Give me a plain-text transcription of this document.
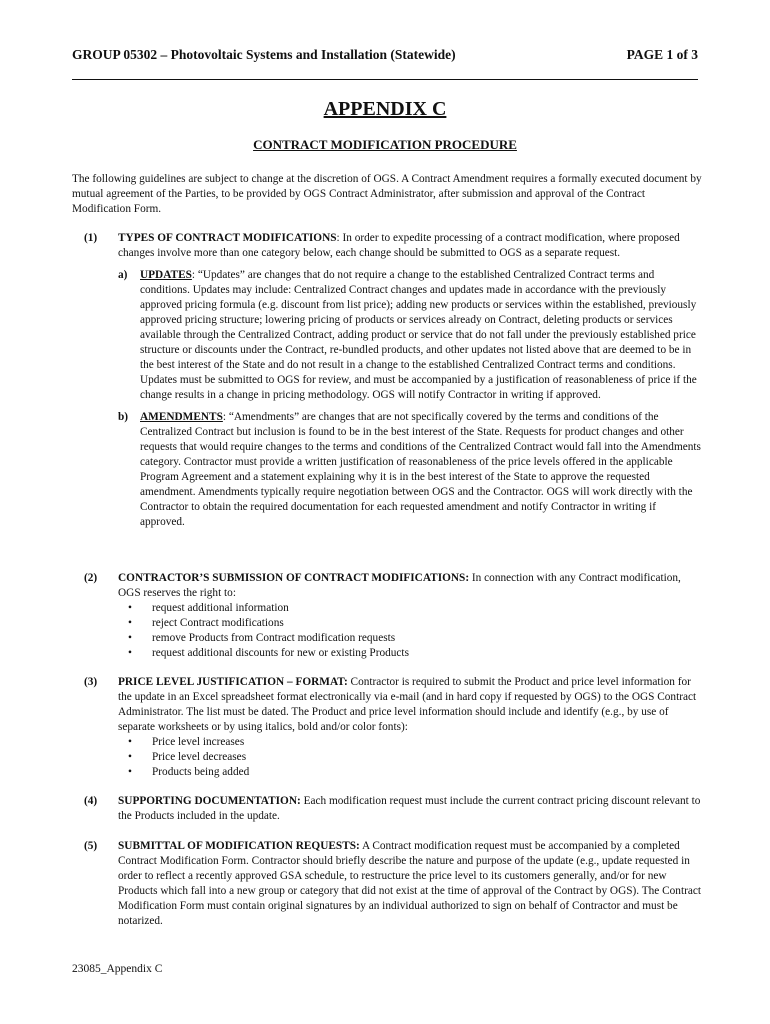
GROUP 05302 – Photovoltaic Systems and Installation (Statewide)	PAGE 1 of 3
APPENDIX C
CONTRACT MODIFICATION PROCEDURE
The following guidelines are subject to change at the discretion of OGS. A Contract Amendment requires a formally executed document by mutual agreement of the Parties, to be provided by OGS Contract Administrator, after submission and approval of the Contract Modification Form.
(1) TYPES OF CONTRACT MODIFICATIONS: In order to expedite processing of a contract modification, where proposed changes involve more than one category below, each change should be submitted to OGS as a separate request.
a) UPDATES: “Updates” are changes that do not require a change to the established Centralized Contract terms and conditions. Updates may include: Centralized Contract changes and updates made in accordance with the previously approved pricing formula (e.g. discount from list price); adding new products or services within the established, previously approved pricing structure; lowering pricing of products or services already on Contract, deleting products or services available through the Centralized Contract, adding product or service that do not fall under the previously established price structure or discounts under the Contract, re-bundled products, and other updates not listed above that are deemed to be in the best interest of the State and do not result in a change to the established Centralized Contract terms and conditions. Updates must be submitted to OGS for review, and must be accompanied by a justification of reasonableness of price if the change results in a change in pricing methodology. OGS will notify Contractor in writing if approved.
b) AMENDMENTS: “Amendments” are changes that are not specifically covered by the terms and conditions of the Centralized Contract but inclusion is found to be in the best interest of the State. Requests for product changes and other requests that would require changes to the terms and conditions of the Centralized Contract would fall into the Amendments category. Contractor must provide a written justification of reasonableness of the price levels offered in the applicable Program Agreement and a statement explaining why it is in the best interest of the State to approve the requested amendment. Amendments typically require negotiation between OGS and the Contractor. OGS will work directly with the Contractor to obtain the required documentation for each requested amendment and notify Contractor in writing if approved.
(2) CONTRACTOR’S SUBMISSION OF CONTRACT MODIFICATIONS: In connection with any Contract modification, OGS reserves the right to:
• request additional information
• reject Contract modifications
• remove Products from Contract modification requests
• request additional discounts for new or existing Products
(3) PRICE LEVEL JUSTIFICATION – FORMAT: Contractor is required to submit the Product and price level information for the update in an Excel spreadsheet format electronically via e-mail (and in hard copy if requested by OGS) to the OGS Contract Administrator. The list must be dated. The Product and price level information should include and identify (e.g., by use of separate worksheets or by using italics, bold and/or color fonts):
• Price level increases
• Price level decreases
• Products being added
(4) SUPPORTING DOCUMENTATION: Each modification request must include the current contract pricing discount relevant to the Products included in the update.
(5) SUBMITTAL OF MODIFICATION REQUESTS: A Contract modification request must be accompanied by a completed Contract Modification Form. Contractor should briefly describe the nature and purpose of the update (e.g., update requested in order to reflect a recently approved GSA schedule, to restructure the price level to its customers generally, and/or for new Products which fall into a new group or category that did not exist at the time of approval of the Contract by OGS). The Contract Modification Form must contain original signatures by an individual authorized to sign on behalf of Contractor and must be notarized.
23085_Appendix C
